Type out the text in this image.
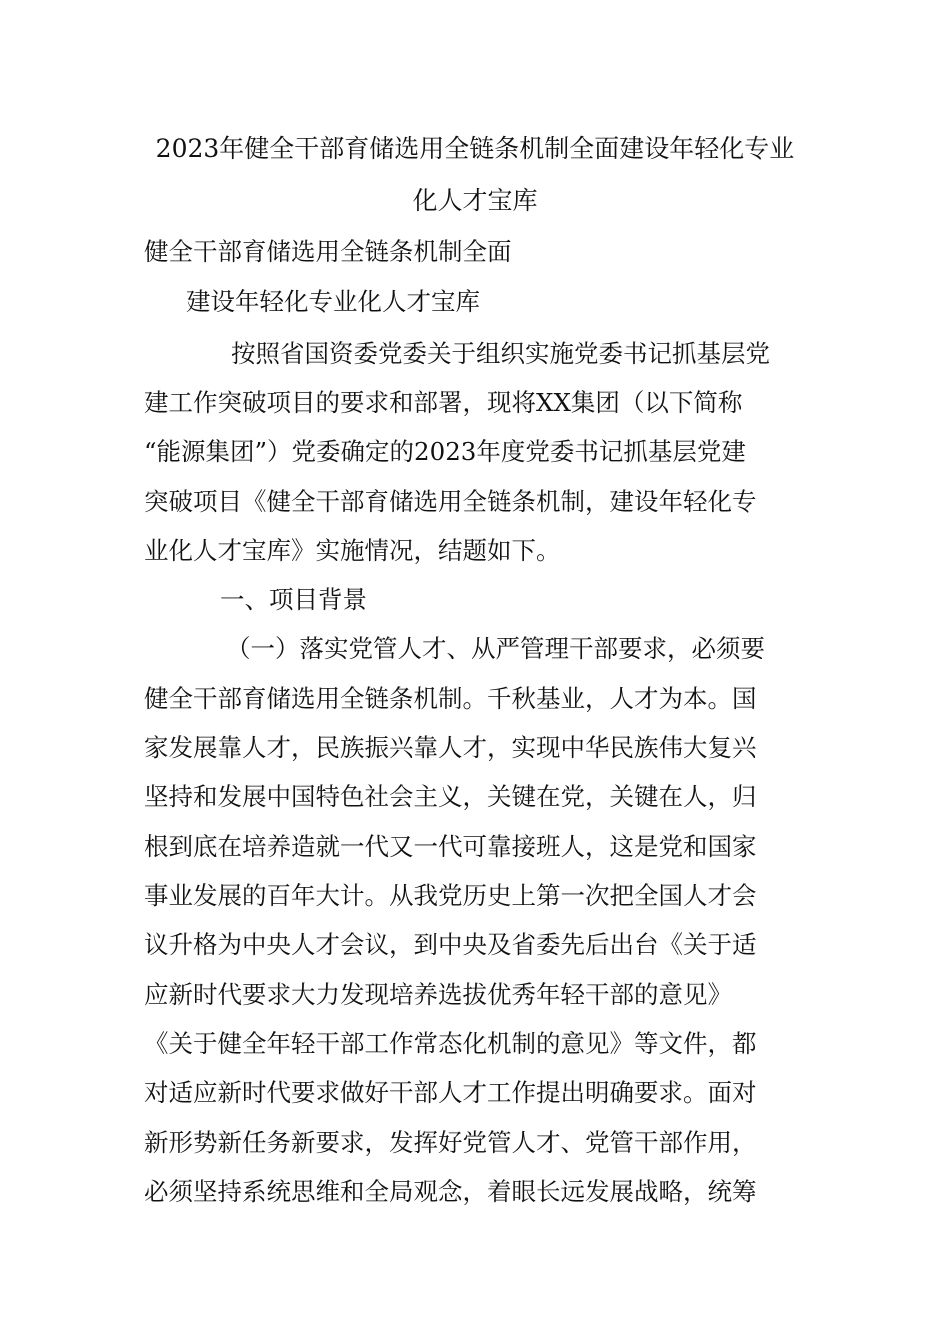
2023年健全干部育储选用全链条机制全面建设年轻化专业
化人才宝库
健全干部育储选用全链条机制全面
建设年轻化专业化人才宝库
按照省国资委党委关于组织实施党委书记抓基层党
建工作突破项目的要求和部署，现将XX集团（以下简称
“能源集团”）党委确定的2023年度党委书记抓基层党建
突破项目《健全干部育储选用全链条机制，建设年轻化专
业化人才宝库》实施情况，结题如下。
一、项目背景
（一）落实党管人才、从严管理干部要求，必须要
健全干部育储选用全链条机制。千秋基业，人才为本。国
家发展靠人才，民族振兴靠人才，实现中华民族伟大复兴
坚持和发展中国特色社会主义，关键在党，关键在人，归
根到底在培养造就一代又一代可靠接班人，这是党和国家
事业发展的百年大计。从我党历史上第一次把全国人才会
议升格为中央人才会议，到中央及省委先后出台《关于适
应新时代要求大力发现培养选拔优秀年轻干部的意见》
《关于健全年轻干部工作常态化机制的意见》等文件，都
对适应新时代要求做好干部人才工作提出明确要求。面对
新形势新任务新要求，发挥好党管人才、党管干部作用，
必须坚持系统思维和全局观念，着眼长远发展战略，统筹
